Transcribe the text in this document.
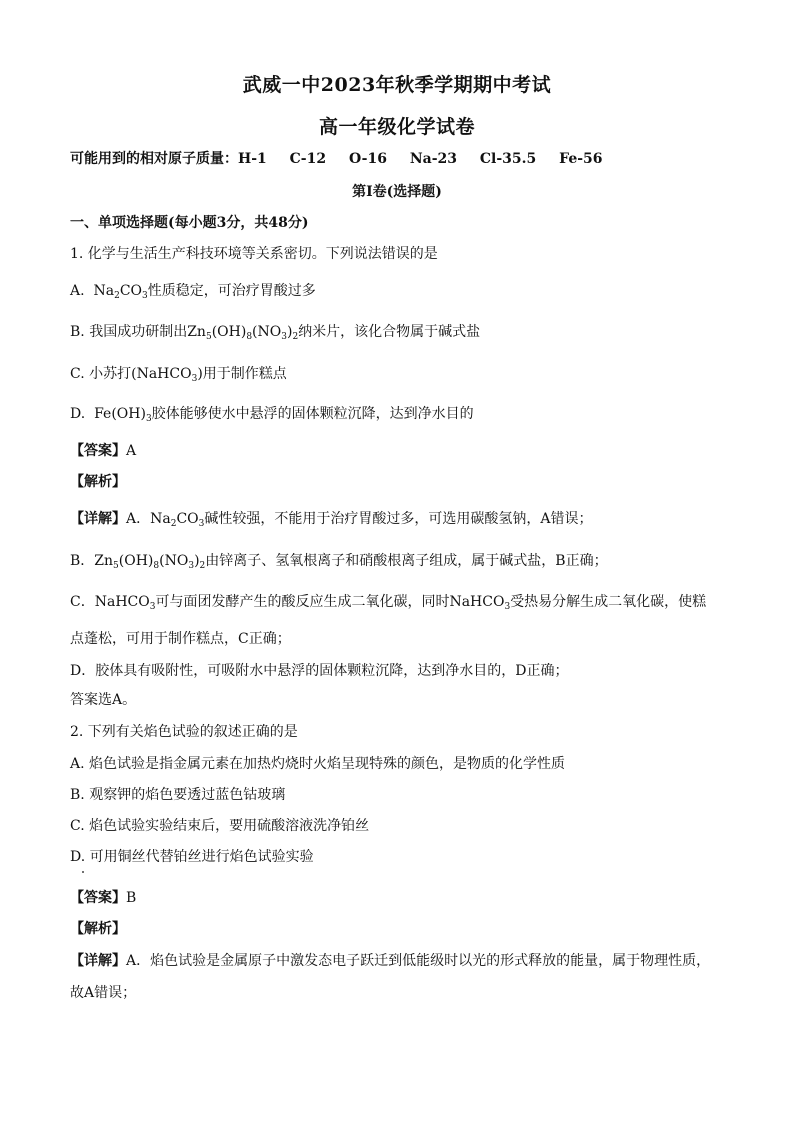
武威一中2023年秋季学期期中考试
高一年级化学试卷
可能用到的相对原子质量：H-1 C-12 O-16 Na-23 Cl-35.5 Fe-56
第Ⅰ卷(选择题)
一、单项选择题(每小题3分，共48分)
1. 化学与生活生产科技环境等关系密切。下列说法错误的是
A. $Na_2CO_3$性质稳定，可治疗胃酸过多
B. 我国成功研制出$Zn_5(OH)_8(NO_3)_2$纳米片，该化合物属于碱式盐
C. 小苏打(NaHCO$_3$)用于制作糕点
D. $Fe(OH)_3$胶体能够使水中悬浮的固体颗粒沉降，达到净水目的
【答案】A
【解析】
【详解】A．$Na_2CO_3$碱性较强，不能用于治疗胃酸过多，可选用碳酸氢钠，A错误；
B．$Zn_5(OH)_8(NO_3)_2$由锌离子、氢氧根离子和硝酸根离子组成，属于碱式盐，B正确；
C．NaHCO$_3$可与面团发酵产生的酸反应生成二氧化碳，同时NaHCO$_3$受热易分解生成二氧化碳，使糕
点蓬松，可用于制作糕点，C正确；
D．胶体具有吸附性，可吸附水中悬浮的固体颗粒沉降，达到净水目的，D正确；
答案选A。
2. 下列有关焰色试验的叙述正确的是
A. 焰色试验是指金属元素在加热灼烧时火焰呈现特殊的颜色，是物质的化学性质
B. 观察钾的焰色要透过蓝色钴玻璃
C. 焰色试验实验结束后，要用硫酸溶液洗净铂丝
D. 可用铜丝代替铂丝进行焰色试验实验
【答案】B
【解析】
【详解】A．焰色试验是金属原子中激发态电子跃迁到低能级时以光的形式释放的能量，属于物理性质，
故A错误；
